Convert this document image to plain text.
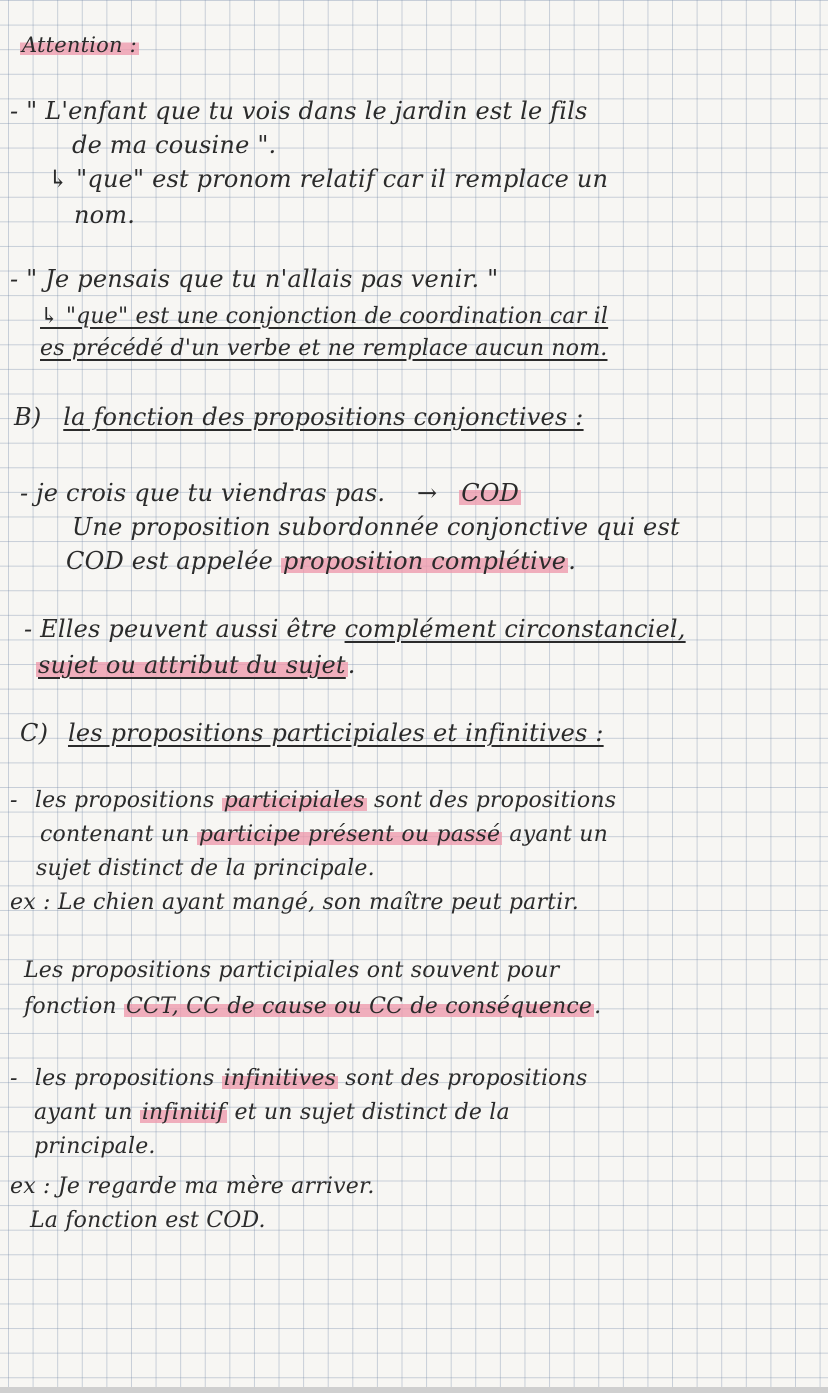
Attention :
- " L'enfant que tu vois dans le jardin est le fils
de ma cousine ".
↳ "que" est pronom relatif car il remplace un
nom.
- " Je pensais que tu n'allais pas venir. "
↳ "que" est une conjonction de coordination car il
es précédé d'un verbe et ne remplace aucun nom.
B) la fonction des propositions conjonctives :
- je crois que tu viendras pas. → COD
Une proposition subordonnée conjonctive qui est
COD est appelée proposition complétive.
- Elles peuvent aussi être complément circonstanciel,
sujet ou attribut du sujet.
C) les propositions participiales et infinitives :
- les propositions participiales sont des propositions
contenant un participe présent ou passé ayant un
sujet distinct de la principale.
ex : Le chien ayant mangé, son maître peut partir.
Les propositions participiales ont souvent pour
fonction CCT, CC de cause ou CC de conséquence.
- les propositions infinitives sont des propositions
ayant un infinitif et un sujet distinct de la
principale.
ex : Je regarde ma mère arriver.
La fonction est COD.
